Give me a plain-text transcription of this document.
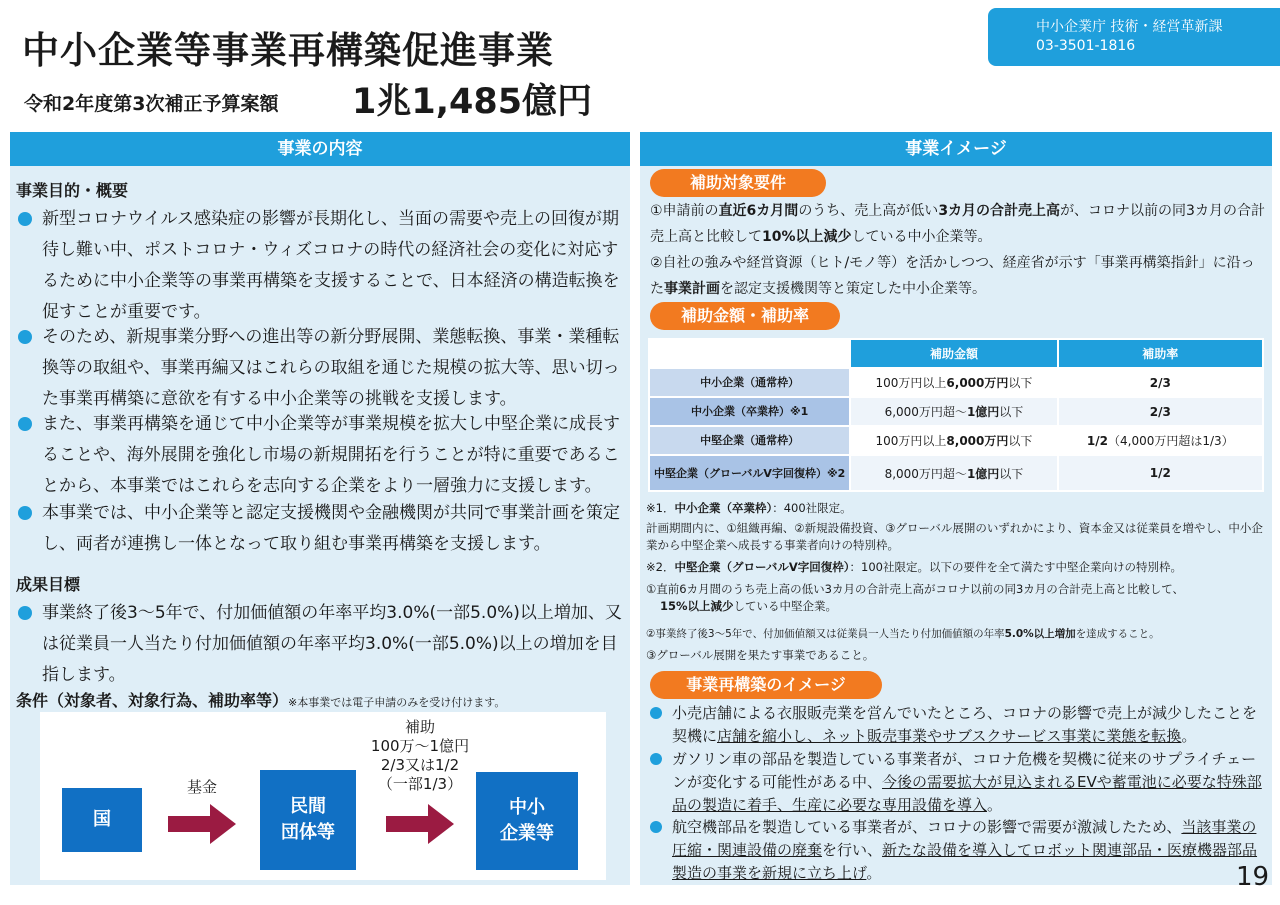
中小企業等事業再構築促進事業
令和2年度第3次補正予算案額 1兆1,485億円
中小企業庁 技術・経営革新課
03-3501-1816
事業の内容
事業目的・概要
新型コロナウイルス感染症の影響が長期化し、当面の需要や売上の回復が期待し難い中、ポストコロナ・ウィズコロナの時代の経済社会の変化に対応するために中小企業等の事業再構築を支援することで、日本経済の構造転換を促すことが重要です。
そのため、新規事業分野への進出等の新分野展開、業態転換、事業・業種転換等の取組や、事業再編又はこれらの取組を通じた規模の拡大等、思い切った事業再構築に意欲を有する中小企業等の挑戦を支援します。
また、事業再構築を通じて中小企業等が事業規模を拡大し中堅企業に成長することや、海外展開を強化し市場の新規開拓を行うことが特に重要であることから、本事業ではこれらを志向する企業をより一層強力に支援します。
本事業では、中小企業等と認定支援機関や金融機関が共同で事業計画を策定し、両者が連携し一体となって取り組む事業再構築を支援します。
成果目標
事業終了後3～5年で、付加価値額の年率平均3.0%(一部5.0%)以上増加、又は従業員一人当たり付加価値額の年率平均3.0%(一部5.0%)以上の増加を目指します。
条件（対象者、対象行為、補助率等）※本事業では電子申請のみを受け付けます。
国
基金
民間
団体等
補助
100万～1億円
2/3又は1/2
（一部1/3）
中小
企業等
事業イメージ
補助対象要件
①申請前の直近6カ月間のうち、売上高が低い3カ月の合計売上高が、コロナ以前の同3カ月の合計売上高と比較して10%以上減少している中小企業等。
②自社の強みや経営資源（ヒト/モノ等）を活かしつつ、経産省が示す「事業再構築指針」に沿った事業計画を認定支援機関等と策定した中小企業等。
補助金額・補助率
	補助金額	補助率
中小企業（通常枠）	100万円以上6,000万円以下	2/3
中小企業（卒業枠）※1	6,000万円超～1億円以下	2/3
中堅企業（通常枠）	100万円以上8,000万円以下	1/2（4,000万円超は1/3）
中堅企業（グローバルV字回復枠）※2	8,000万円超～1億円以下	1/2
※1．中小企業（卒業枠）：400社限定。
計画期間内に、①組織再編、②新規設備投資、③グローバル展開のいずれかにより、資本金又は従業員を増やし、中小企業から中堅企業へ成長する事業者向けの特別枠。
※2．中堅企業（グローバルV字回復枠）：100社限定。以下の要件を全て満たす中堅企業向けの特別枠。
①直前6カ月間のうち売上高の低い3カ月の合計売上高がコロナ以前の同3カ月の合計売上高と比較して、
15%以上減少している中堅企業。
②事業終了後3～5年で、付加価値額又は従業員一人当たり付加価値額の年率5.0%以上増加を達成すること。
③グローバル展開を果たす事業であること。
事業再構築のイメージ
小売店舗による衣服販売業を営んでいたところ、コロナの影響で売上が減少したことを契機に店舗を縮小し、ネット販売事業やサブスクサービス事業に業態を転換。
ガソリン車の部品を製造している事業者が、コロナ危機を契機に従来のサプライチェーンが変化する可能性がある中、今後の需要拡大が見込まれるEVや蓄電池に必要な特殊部品の製造に着手、生産に必要な専用設備を導入。
航空機部品を製造している事業者が、コロナの影響で需要が激減したため、当該事業の圧縮・関連設備の廃棄を行い、新たな設備を導入してロボット関連部品・医療機器部品製造の事業を新規に立ち上げ。	19
